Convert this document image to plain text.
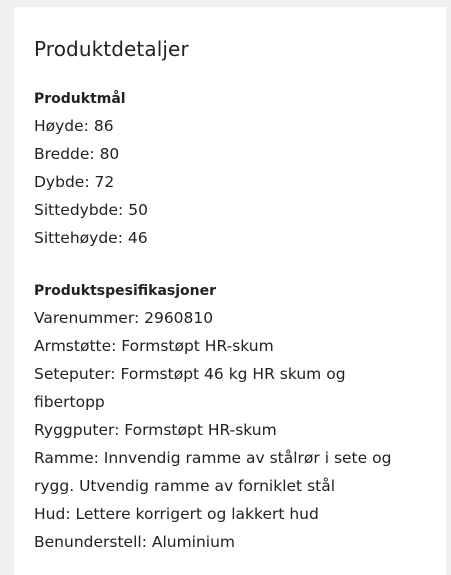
Produktdetaljer
Produktmål

Høyde: 86

Bredde: 80

Dybde: 72

Sittedybde: 50

Sittehøyde: 46

Produktspesifikasjoner

Varenummer: 2960810

Armstøtte: Formstøpt HR-skum

Seteputer: Formstøpt 46 kg HR skum og

fibertopp

Ryggputer: Formstøpt HR-skum

Ramme: Innvendig ramme av stålrør i sete og

rygg. Utvendig ramme av forniklet stål

Hud: Lettere korrigert og lakkert hud

Benunderstell: Aluminium
